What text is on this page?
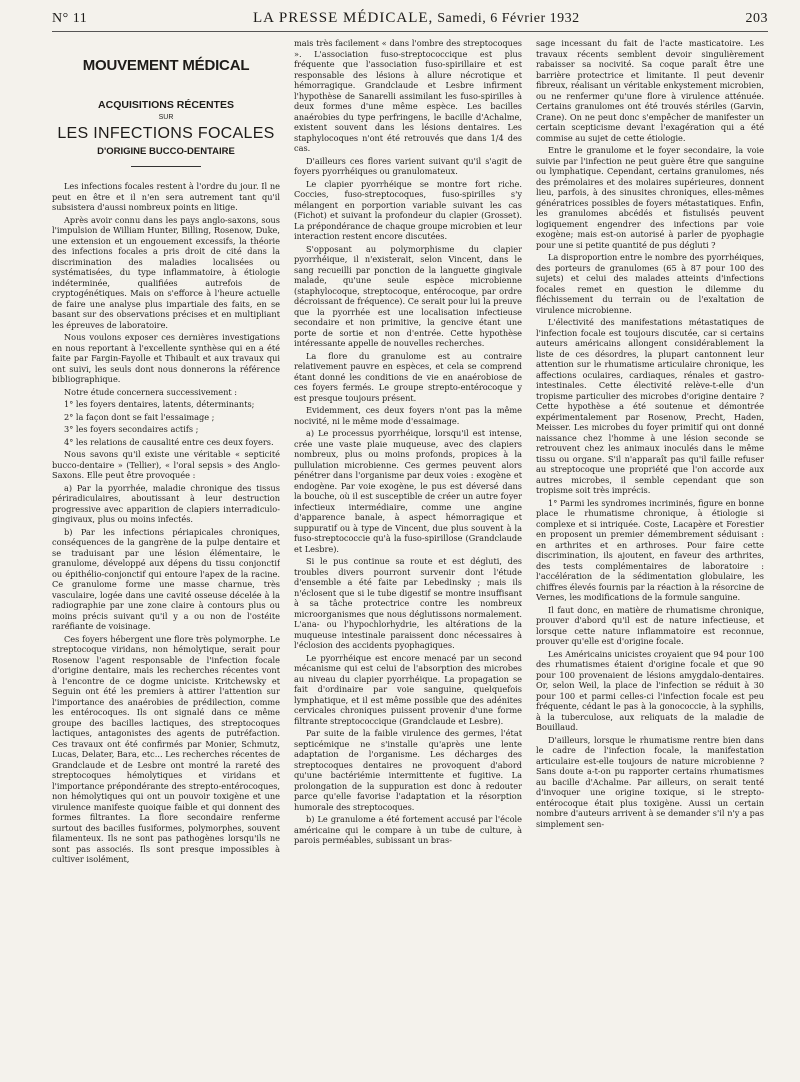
N° 11	LA PRESSE MÉDICALE, Samedi, 6 Février 1932	203
MOUVEMENT MÉDICAL
ACQUISITIONS RÉCENTES
SUR
LES INFECTIONS FOCALES
D'ORIGINE BUCCO-DENTAIRE

Les infections focales restent à l'ordre du jour. Il ne peut en être et il n'en sera autrement tant qu'il subsistera d'aussi nombreux points en litige.

Après avoir connu dans les pays anglo-saxons, sous l'impulsion de William Hunter, Billing, Rosenow, Duke, une extension et un engouement excessifs, la théorie des infections focales a pris droit de cité dans la discrimination des maladies localisées ou systématisées, du type inflammatoire, à étiologie indéterminée, qualifiées autrefois de cryptogénétiques. Mais on s'efforce à l'heure actuelle de faire une analyse plus impartiale des faits, en se basant sur des observations précises et en multipliant les épreuves de laboratoire.

Nous voulons exposer ces dernières investigations en nous reportant à l'excellente synthèse qui en a été faite par Fargin-Fayolle et Thibault et aux travaux qui ont suivi, les seuls dont nous donnerons la référence bibliographique.

Notre étude concernera successivement :

1° les foyers dentaires, latents, déterminants;

2° la façon dont se fait l'essaimage ;

3° les foyers secondaires actifs ;

4° les relations de causalité entre ces deux foyers.

Nous savons qu'il existe une véritable « septicité bucco-dentaire » (Tellier), « l'oral sepsis » des Anglo-Saxons. Elle peut être provoquée :

a) Par la pyorrhée, maladie chronique des tissus périradiculaires, aboutissant à leur destruction progressive avec apparition de clapiers interradiculo-gingivaux, plus ou moins infectés.

b) Par les infections périapicales chroniques, conséquences de la gangrène de la pulpe dentaire et se traduisant par une lésion élémentaire, le granulome, développé aux dépens du tissu conjonctif ou épithélio-conjonctif qui entoure l'apex de la racine. Ce granulome forme une masse charnue, très vasculaire, logée dans une cavité osseuse décelée à la radiographie par une zone claire à contours plus ou moins précis suivant qu'il y a ou non de l'ostéite raréfiante de voisinage.

Ces foyers hébergent une flore très polymorphe. Le streptocoque viridans, non hémolytique, serait pour Rosenow l'agent responsable de l'infection focale d'origine dentaire, mais les recherches récentes vont à l'encontre de ce dogme uniciste. Kritchewsky et Seguin ont été les premiers à attirer l'attention sur l'importance des anaérobies de prédilection, comme les entérocoques. Ils ont signalé dans ce même groupe des bacilles lactiques, des streptocoques lactiques, antagonistes des agents de putréfaction. Ces travaux ont été confirmés par Monier, Schmutz, Lucas, Delater, Bara, etc... Les recherches récentes de Grandclaude et de Lesbre ont montré la rareté des streptocoques hémolytiques et viridans et l'importance prépondérante des strepto-entérocoques, non hémolytiques qui ont un pouvoir toxigène et une virulence manifeste quoique faible et qui donnent des formes filtrantes. La flore secondaire renferme surtout des bacilles fusiformes, polymorphes, souvent filamenteux. Ils ne sont pas pathogènes lorsqu'ils ne sont pas associés. Ils sont presque impossibles à cultiver isolément,

mais très facilement « dans l'ombre des streptocoques ». L'association fuso-streptococcique est plus fréquente que l'association fuso-spirillaire et est responsable des lésions à allure nécrotique et hémorragique. Grandclaude et Lesbre infirment l'hypothèse de Sanarelli assimilant les fuso-spirilles à deux formes d'une même espèce. Les bacilles anaérobies du type perfringens, le bacille d'Achalme, existent souvent dans les lésions dentaires. Les staphylocoques n'ont été retrouvés que dans 1/4 des cas.

D'ailleurs ces flores varient suivant qu'il s'agit de foyers pyorrhéiques ou granulomateux.

Le clapier pyorrhéique se montre fort riche. Coccies, fuso-streptocoques, fuso-spirilles s'y mélangent en porportion variable suivant les cas (Fichot) et suivant la profondeur du clapier (Grosset). La prépondérance de chaque groupe microbien et leur interaction restent encore discutées.

S'opposant au polymorphisme du clapier pyorrhéique, il n'existerait, selon Vincent, dans le sang recueilli par ponction de la languette gingivale malade, qu'une seule espèce microbienne (staphylocoque, streptocoque, entérocoque, par ordre décroissant de fréquence). Ce serait pour lui la preuve que la pyorrhée est une localisation infectieuse secondaire et non primitive, la gencive étant une porte de sortie et non d'entrée. Cette hypothèse intéressante appelle de nouvelles recherches.

La flore du granulome est au contraire relativement pauvre en espèces, et cela se comprend étant donné les conditions de vie en anaérobiose de ces foyers fermés. Le groupe strepto-entérocoque y est presque toujours présent.

Evidemment, ces deux foyers n'ont pas la même nocivité, ni le même mode d'essaimage.

a) Le processus pyorrhéique, lorsqu'il est intense, crée une vaste plaie muqueuse, avec des clapiers nombreux, plus ou moins profonds, propices à la pullulation microbienne. Ces germes peuvent alors pénétrer dans l'organisme par deux voies : exogène et endogène. Par voie exogène, le pus est déversé dans la bouche, où il est susceptible de créer un autre foyer infectieux intermédiaire, comme une angine d'apparence banale, à aspect hémorragique et suppuratif ou à type de Vincent, due plus souvent à la fuso-streptococcie qu'à la fuso-spirillose (Grandclaude et Lesbre).

Si le pus continue sa route et est dégluti, des troubles divers pourront survenir dont l'étude d'ensemble a été faite par Lebedinsky ; mais ils n'éclosent que si le tube digestif se montre insuffisant à sa tâche protectrice contre les nombreux microorganismes que nous déglutissons normalement. L'ana- ou l'hypochlorhydrie, les altérations de la muqueuse intestinale paraissent donc nécessaires à l'éclosion des accidents pyophagiques.

Le pyorrhéique est encore menacé par un second mécanisme qui est celui de l'absorption des microbes au niveau du clapier pyorrhéique. La propagation se fait d'ordinaire par voie sanguine, quelquefois lymphatique, et il est même possible que des adénites cervicales chroniques puissent provenir d'une forme filtrante streptococcique (Grandclaude et Lesbre).

Par suite de la faible virulence des germes, l'état septicémique ne s'installe qu'après une lente adaptation de l'organisme. Les décharges des streptocoques dentaires ne provoquent d'abord qu'une bactériémie intermittente et fugitive. La prolongation de la suppuration est donc à redouter parce qu'elle favorise l'adaptation et la résorption humorale des streptocoques.

b) Le granulome a été fortement accusé par l'école américaine qui le compare à un tube de culture, à parois perméables, subissant un bras-

sage incessant du fait de l'acte masticatoire. Les travaux récents semblent devoir singulièrement rabaisser sa nocivité. Sa coque paraît être une barrière protectrice et limitante. Il peut devenir fibreux, réalisant un véritable enkystement microbien, ou ne renfermer qu'une flore à virulence atténuée. Certains granulomes ont été trouvés stériles (Garvin, Crane). On ne peut donc s'empêcher de manifester un certain scepticisme devant l'exagération qui a été commise au sujet de cette étiologie.

Entre le granulome et le foyer secondaire, la voie suivie par l'infection ne peut guère être que sanguine ou lymphatique. Cependant, certains granulomes, nés des prémolaires et des molaires supérieures, donnent lieu, parfois, à des sinusites chroniques, elles-mêmes génératrices possibles de foyers métastatiques. Enfin, les granulomes abcédés et fistulisés peuvent logiquement engendrer des infections par voie exogène; mais est-on autorisé à parler de pyophagie pour une si petite quantité de pus dégluti ?

La disproportion entre le nombre des pyorrhéiques, des porteurs de granulomes (65 à 87 pour 100 des sujets) et celui des malades atteints d'infections focales remet en question le dilemme du fléchissement du terrain ou de l'exaltation de virulence microbienne.

L'électivité des manifestations métastatiques de l'infection focale est toujours discutée, car si certains auteurs américains allongent considérablement la liste de ces désordres, la plupart cantonnent leur attention sur le rhumatisme articulaire chronique, les affections oculaires, cardiaques, rénales et gastro-intestinales. Cette électivité relève-t-elle d'un tropisme particulier des microbes d'origine dentaire ? Cette hypothèse a été soutenue et démontrée expérimentalement par Rosenow, Precht, Haden, Meisser. Les microbes du foyer primitif qui ont donné naissance chez l'homme à une lésion seconde se retrouvent chez les animaux inoculés dans le même tissu ou organe. S'il n'apparaît pas qu'il faille refuser au streptocoque une propriété que l'on accorde aux autres microbes, il semble cependant que son tropisme soit très imprécis.

1° Parmi les syndromes incriminés, figure en bonne place le rhumatisme chronique, à étiologie si complexe et si intriquée. Coste, Lacapère et Forestier en proposent un premier démembrement séduisant : en arthrites et en arthroses. Pour faire cette discrimination, ils ajoutent, en faveur des arthrites, des tests complémentaires de laboratoire : l'accélération de la sédimentation globulaire, les chiffres élevés fournis par la réaction à la résorcine de Vernes, les modifications de la formule sanguine.

Il faut donc, en matière de rhumatisme chronique, prouver d'abord qu'il est de nature infectieuse, et lorsque cette nature inflammatoire est reconnue, prouver qu'elle est d'origine focale.

Les Américains unicistes croyaient que 94 pour 100 des rhumatismes étaient d'origine focale et que 90 pour 100 provenaient de lésions amygdalo-dentaires. Or, selon Weil, la place de l'infection se réduit à 30 pour 100 et parmi celles-ci l'infection focale est peu fréquente, cédant le pas à la gonococcie, à la syphilis, à la tuberculose, aux reliquats de la maladie de Bouillaud.

D'ailleurs, lorsque le rhumatisme rentre bien dans le cadre de l'infection focale, la manifestation articulaire est-elle toujours de nature microbienne ? Sans doute a-t-on pu rapporter certains rhumatismes au bacille d'Achalme. Par ailleurs, on serait tenté d'invoquer une origine toxique, si le strepto-entérocoque était plus toxigène. Aussi un certain nombre d'auteurs arrivent à se demander s'il n'y a pas simplement sen-
